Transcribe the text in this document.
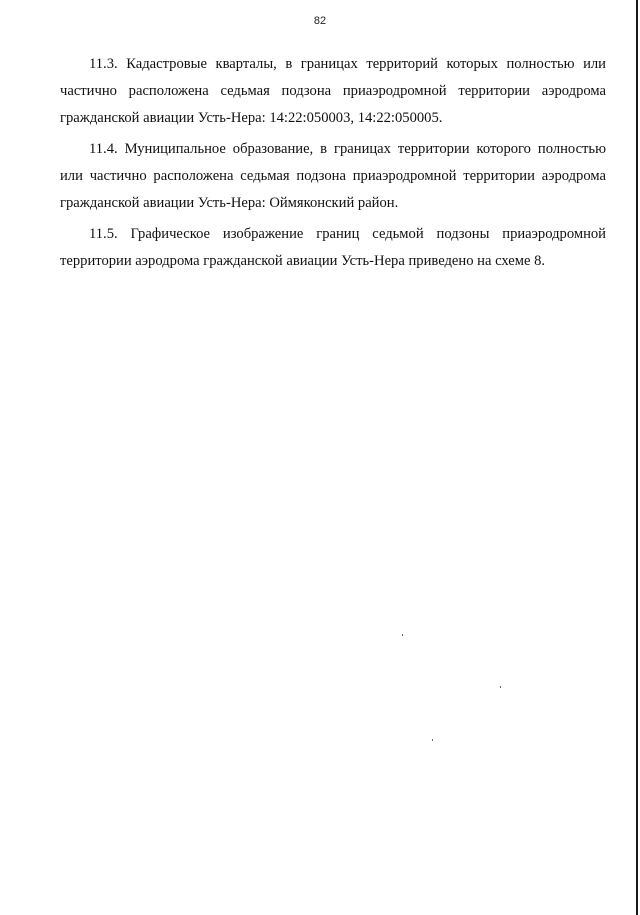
82

11.3. Кадастровые кварталы, в границах территорий которых полностью или частично расположена седьмая подзона приаэродромной территории аэродрома гражданской авиации Усть-Нера: 14:22:050003, 14:22:050005.

11.4. Муниципальное образование, в границах территории которого полностью или частично расположена седьмая подзона приаэродромной территории аэродрома гражданской авиации Усть-Нера: Оймяконский район.

11.5. Графическое изображение границ седьмой подзоны приаэродромной территории аэродрома гражданской авиации Усть-Нера приведено на схеме 8.
